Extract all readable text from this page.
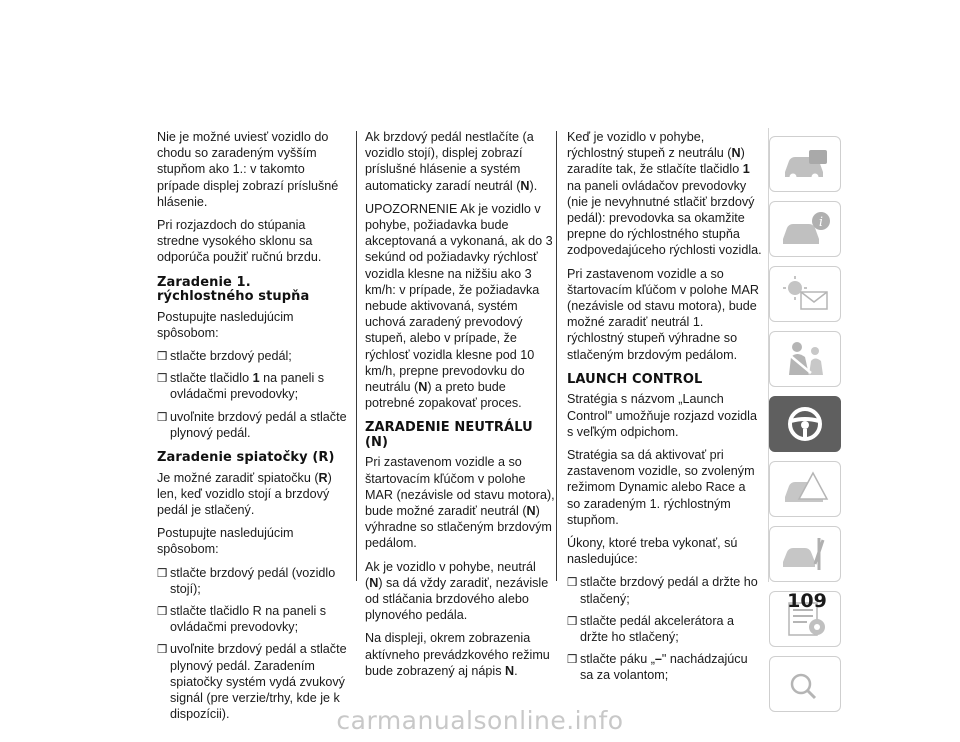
Nie je možné uviesť vozidlo do chodu so zaradeným vyšším stupňom ako 1.: v takomto prípade displej zobrazí príslušné hlásenie.

Pri rozjazdoch do stúpania stredne vysokého sklonu sa odporúča použiť ručnú brzdu.

Zaradenie 1. rýchlostného stupňa

Postupujte nasledujúcim spôsobom:

❒ stlačte brzdový pedál;
❒ stlačte tlačidlo 1 na paneli s ovládačmi prevodovky;
❒ uvoľnite brzdový pedál a stlačte plynový pedál.
Zaradenie spiatočky (R)

Je možné zaradiť spiatočku (R) len, keď vozidlo stojí a brzdový pedál je stlačený.

Postupujte nasledujúcim spôsobom:

❒ stlačte brzdový pedál (vozidlo stojí);
❒ stlačte tlačidlo R na paneli s ovládačmi prevodovky;
❒ uvoľnite brzdový pedál a stlačte plynový pedál. Zaradením spiatočky systém vydá zvukový signál (pre verzie/trhy, kde je k dispozícii).

Ak brzdový pedál nestlačíte (a vozidlo stojí), displej zobrazí príslušné hlásenie a systém automaticky zaradí neutrál (N).

UPOZORNENIE Ak je vozidlo v pohybe, požiadavka bude akceptovaná a vykonaná, ak do 3 sekúnd od požiadavky rýchlosť vozidla klesne na nižšiu ako 3 km/h: v prípade, že požiadavka nebude aktivovaná, systém uchová zaradený prevodový stupeň, alebo v prípade, že rýchlosť vozidla klesne pod 10 km/h, prepne prevodovku do neutrálu (N) a preto bude potrebné zopakovať proces.

ZARADENIE NEUTRÁLU (N)

Pri zastavenom vozidle a so štartovacím kľúčom v polohe MAR (nezávisle od stavu motora), bude možné zaradiť neutrál (N) výhradne so stlačeným brzdovým pedálom.

Ak je vozidlo v pohybe, neutrál (N) sa dá vždy zaradiť, nezávisle od stláčania brzdového alebo plynového pedála.

Na displeji, okrem zobrazenia aktívneho prevádzkového režimu bude zobrazený aj nápis N.

Keď je vozidlo v pohybe, rýchlostný stupeň z neutrálu (N) zaradíte tak, že stlačíte tlačidlo 1 na paneli ovládačov prevodovky (nie je nevyhnutné stlačiť brzdový pedál): prevodovka sa okamžite prepne do rýchlostného stupňa zodpovedajúceho rýchlosti vozidla.

Pri zastavenom vozidle a so štartovacím kľúčom v polohe MAR (nezávisle od stavu motora), bude možné zaradiť neutrál 1. rýchlostný stupeň výhradne so stlačeným brzdovým pedálom.

LAUNCH CONTROL

Stratégia s názvom „Launch Control" umožňuje rozjazd vozidla s veľkým odpichom.

Stratégia sa dá aktivovať pri zastavenom vozidle, so zvoleným režimom Dynamic alebo Race a so zaradeným 1. rýchlostným stupňom.

Úkony, ktoré treba vykonať, sú nasledujúce:

❒ stlačte brzdový pedál a držte ho stlačený;
❒ stlačte pedál akcelerátora a držte ho stlačený;
❒ stlačte páku „–" nachádzajúcu sa za volantom;
i
109
carmanualsonline.info
